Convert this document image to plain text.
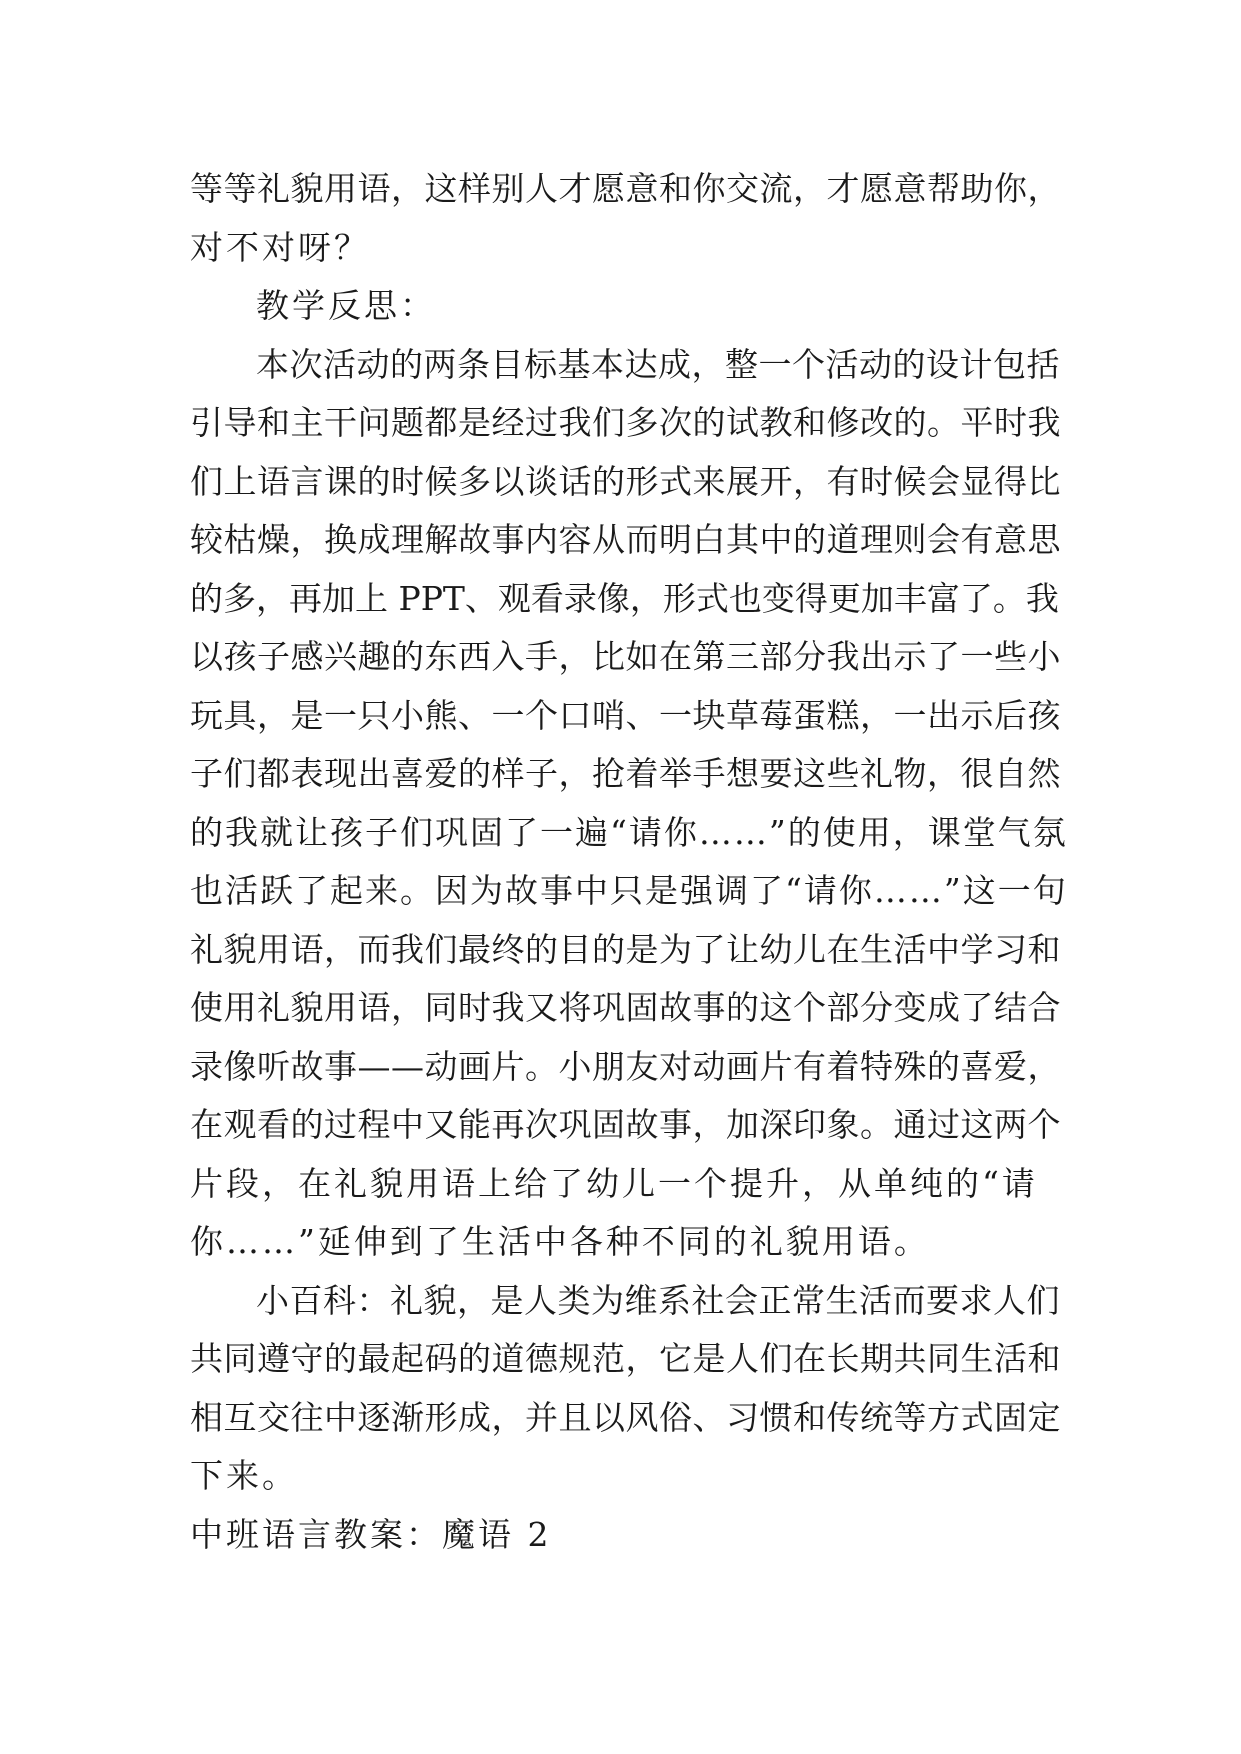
等等礼貌用语，这样别人才愿意和你交流，才愿意帮助你，
对不对呀？
教学反思：
本次活动的两条目标基本达成，整一个活动的设计包括
引导和主干问题都是经过我们多次的试教和修改的。平时我
们上语言课的时候多以谈话的形式来展开，有时候会显得比
较枯燥，换成理解故事内容从而明白其中的道理则会有意思
的多，再加上 PPT、观看录像，形式也变得更加丰富了。我
以孩子感兴趣的东西入手，比如在第三部分我出示了一些小
玩具，是一只小熊、一个口哨、一块草莓蛋糕，一出示后孩
子们都表现出喜爱的样子，抢着举手想要这些礼物，很自然
的我就让孩子们巩固了一遍“请你……”的使用，课堂气氛
也活跃了起来。因为故事中只是强调了“请你……”这一句
礼貌用语，而我们最终的目的是为了让幼儿在生活中学习和
使用礼貌用语，同时我又将巩固故事的这个部分变成了结合
录像听故事——动画片。小朋友对动画片有着特殊的喜爱，
在观看的过程中又能再次巩固故事，加深印象。通过这两个
片段，在礼貌用语上给了幼儿一个提升，从单纯的“请
你……”延伸到了生活中各种不同的礼貌用语。
小百科：礼貌，是人类为维系社会正常生活而要求人们
共同遵守的最起码的道德规范，它是人们在长期共同生活和
相互交往中逐渐形成，并且以风俗、习惯和传统等方式固定
下来。
中班语言教案：魔语 2
